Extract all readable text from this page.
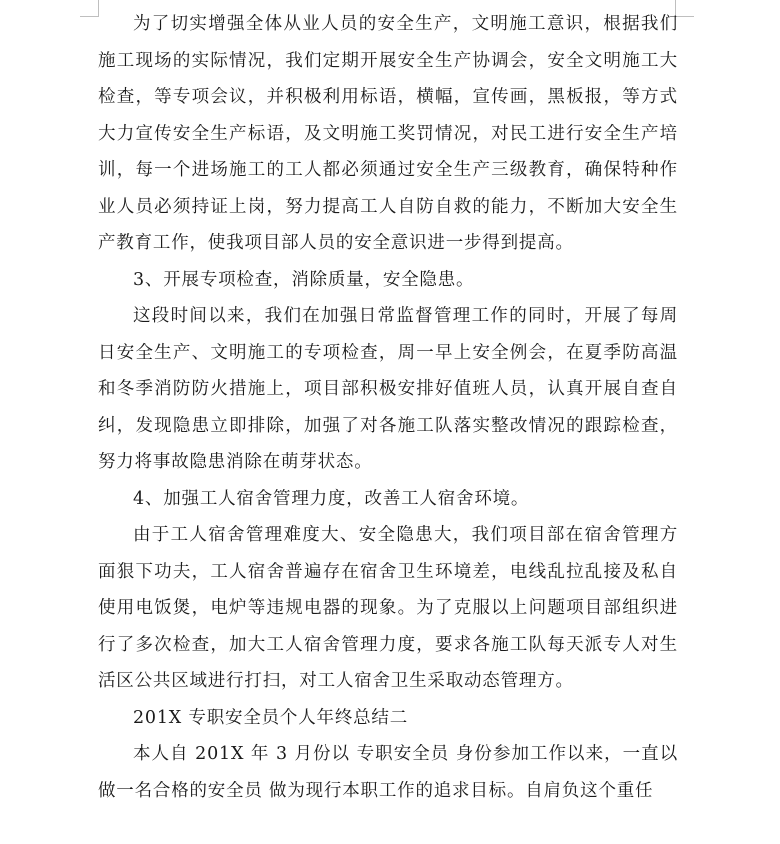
为了切实增强全体从业人员的安全生产，文明施工意识，根据我们施工现场的实际情况，我们定期开展安全生产协调会，安全文明施工大检查，等专项会议，并积极利用标语，横幅，宣传画，黑板报，等方式大力宣传安全生产标语，及文明施工奖罚情况，对民工进行安全生产培训，每一个进场施工的工人都必须通过安全生产三级教育，确保特种作业人员必须持证上岗，努力提高工人自防自救的能力，不断加大安全生产教育工作，使我项目部人员的安全意识进一步得到提高。

3、开展专项检查，消除质量，安全隐患。

这段时间以来，我们在加强日常监督管理工作的同时，开展了每周日安全生产、文明施工的专项检查，周一早上安全例会，在夏季防高温和冬季消防防火措施上，项目部积极安排好值班人员，认真开展自查自纠，发现隐患立即排除，加强了对各施工队落实整改情况的跟踪检查，努力将事故隐患消除在萌芽状态。

4、加强工人宿舍管理力度，改善工人宿舍环境。

由于工人宿舍管理难度大、安全隐患大，我们项目部在宿舍管理方面狠下功夫，工人宿舍普遍存在宿舍卫生环境差，电线乱拉乱接及私自使用电饭煲，电炉等违规电器的现象。为了克服以上问题项目部组织进行了多次检查，加大工人宿舍管理力度，要求各施工队每天派专人对生活区公共区域进行打扫，对工人宿舍卫生采取动态管理方。

201X 专职安全员个人年终总结二

本人自 201X 年 3 月份以 专职安全员 身份参加工作以来，一直以做一名合格的安全员 做为现行本职工作的追求目标。自肩负这个重任
